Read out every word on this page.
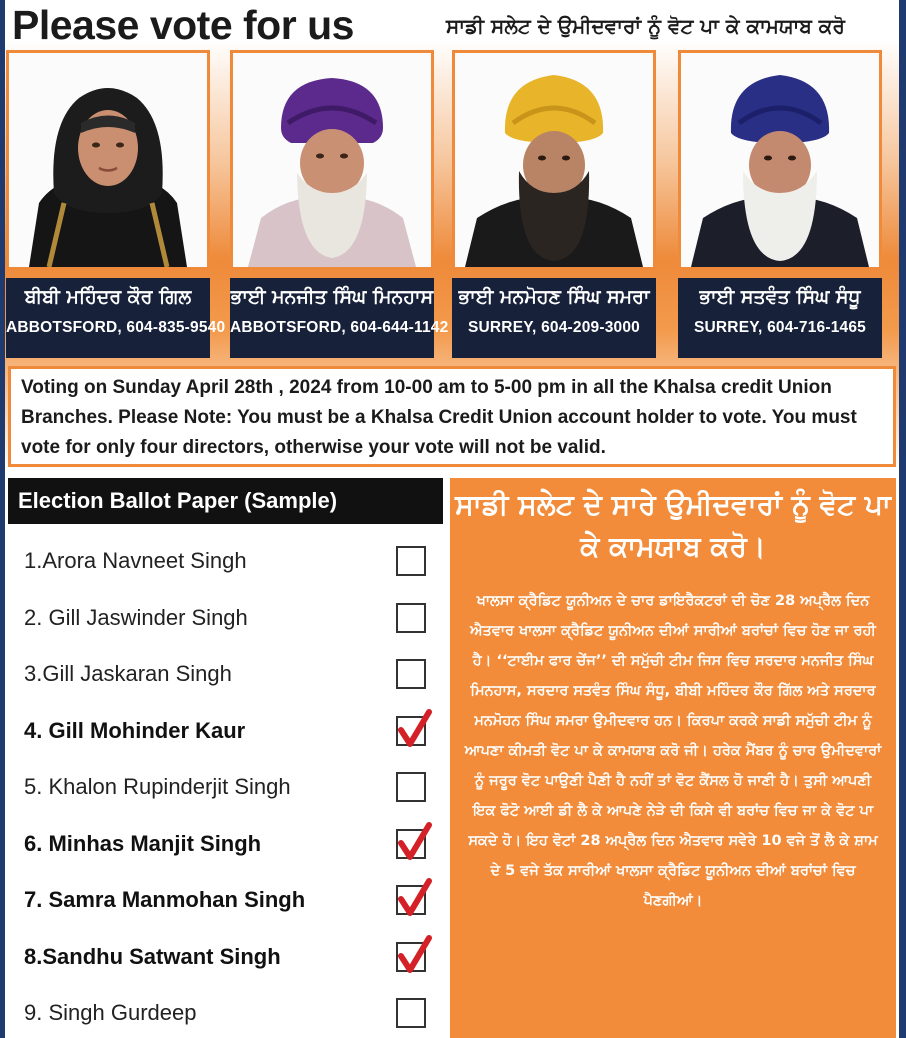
Please vote for us	ਸਾਡੀ ਸਲੇਟ ਦੇ ਉਮੀਦਵਾਰਾਂ ਨੂੰ ਵੋਟ ਪਾ ਕੇ ਕਾਮਯਾਬ ਕਰੋ
ਬੀਬੀ ਮਹਿੰਦਰ ਕੌਰ ਗਿਲ
ABBOTSFORD, 604-835-9540
ਭਾਈ ਮਨਜੀਤ ਸਿੰਘ ਮਿਨਹਾਸ
ABBOTSFORD, 604-644-1142
ਭਾਈ ਮਨਮੋਹਣ ਸਿੰਘ ਸਮਰਾ
SURREY, 604-209-3000
ਭਾਈ ਸਤਵੰਤ ਸਿੰਘ ਸੰਧੂ
SURREY, 604-716-1465
Voting on Sunday April 28th , 2024 from 10-00 am to 5-00 pm in all the Khalsa credit Union Branches. Please Note: You must be a Khalsa Credit Union account holder to vote. You must vote for only four directors, otherwise your vote will not be valid.
Election Ballot Paper (Sample)
1.Arora Navneet Singh
2. Gill Jaswinder Singh
3.Gill Jaskaran Singh
4. Gill Mohinder Kaur
5. Khalon Rupinderjit Singh
6. Minhas Manjit Singh
7. Samra Manmohan Singh
8.Sandhu Satwant Singh
9. Singh Gurdeep
ਸਾਡੀ ਸਲੇਟ ਦੇ ਸਾਰੇ ਉਮੀਦਵਾਰਾਂ ਨੂੰ ਵੋਟ ਪਾ ਕੇ ਕਾਮਯਾਬ ਕਰੋ।
ਖਾਲਸਾ ਕ੍ਰੈਡਿਟ ਯੂਨੀਅਨ ਦੇ ਚਾਰ ਡਾਇਰੈਕਟਰਾਂ ਦੀ ਚੋਣ 28 ਅਪ੍ਰੈਲ ਦਿਨ ਐਤਵਾਰ ਖਾਲਸਾ ਕ੍ਰੈਡਿਟ ਯੂਨੀਅਨ ਦੀਆਂ ਸਾਰੀਆਂ ਬਰਾਂਚਾਂ ਵਿਚ ਹੋਣ ਜਾ ਰਹੀ ਹੈ। ‘‘ਟਾਈਮ ਫਾਰ ਚੇਂਜ’’ ਦੀ ਸਮੁੱਚੀ ਟੀਮ ਜਿਸ ਵਿਚ ਸਰਦਾਰ ਮਨਜੀਤ ਸਿੰਘ ਮਿਨਹਾਸ, ਸਰਦਾਰ ਸਤਵੰਤ ਸਿੰਘ ਸੰਧੂ, ਬੀਬੀ ਮਹਿੰਦਰ ਕੌਰ ਗਿੱਲ ਅਤੇ ਸਰਦਾਰ ਮਨਮੋਹਨ ਸਿੰਘ ਸਮਰਾ ਉਮੀਦਵਾਰ ਹਨ। ਕਿਰਪਾ ਕਰਕੇ ਸਾਡੀ ਸਮੁੱਚੀ ਟੀਮ ਨੂੰ ਆਪਣਾ ਕੀਮਤੀ ਵੋਟ ਪਾ ਕੇ ਕਾਮਯਾਬ ਕਰੋ ਜੀ। ਹਰੇਕ ਮੈਂਬਰ ਨੂੰ ਚਾਰ ਉਮੀਦਵਾਰਾਂ ਨੂੰ ਜਰੂਰ ਵੋਟ ਪਾਉਣੀ ਪੈਣੀ ਹੈ ਨਹੀਂ ਤਾਂ ਵੋਟ ਕੈਂਸਲ ਹੋ ਜਾਣੀ ਹੈ। ਤੁਸੀ ਆਪਣੀ ਇਕ ਫੋਟੋ ਆਈ ਡੀ ਲੈ ਕੇ ਆਪਣੇ ਨੇੜੇ ਦੀ ਕਿਸੇ ਵੀ ਬਰਾਂਚ ਵਿਚ ਜਾ ਕੇ ਵੋਟ ਪਾ ਸਕਦੇ ਹੋ। ਇਹ ਵੋਟਾਂ 28 ਅਪ੍ਰੈਲ ਦਿਨ ਐਤਵਾਰ ਸਵੇਰੇ 10 ਵਜੇ ਤੋਂ ਲੈ ਕੇ ਸ਼ਾਮ ਦੇ 5 ਵਜੇ ਤੱਕ ਸਾਰੀਆਂ ਖਾਲਸਾ ਕ੍ਰੈਡਿਟ ਯੂਨੀਅਨ ਦੀਆਂ ਬਰਾਂਚਾਂ ਵਿਚ ਪੈਣਗੀਆਂ।
